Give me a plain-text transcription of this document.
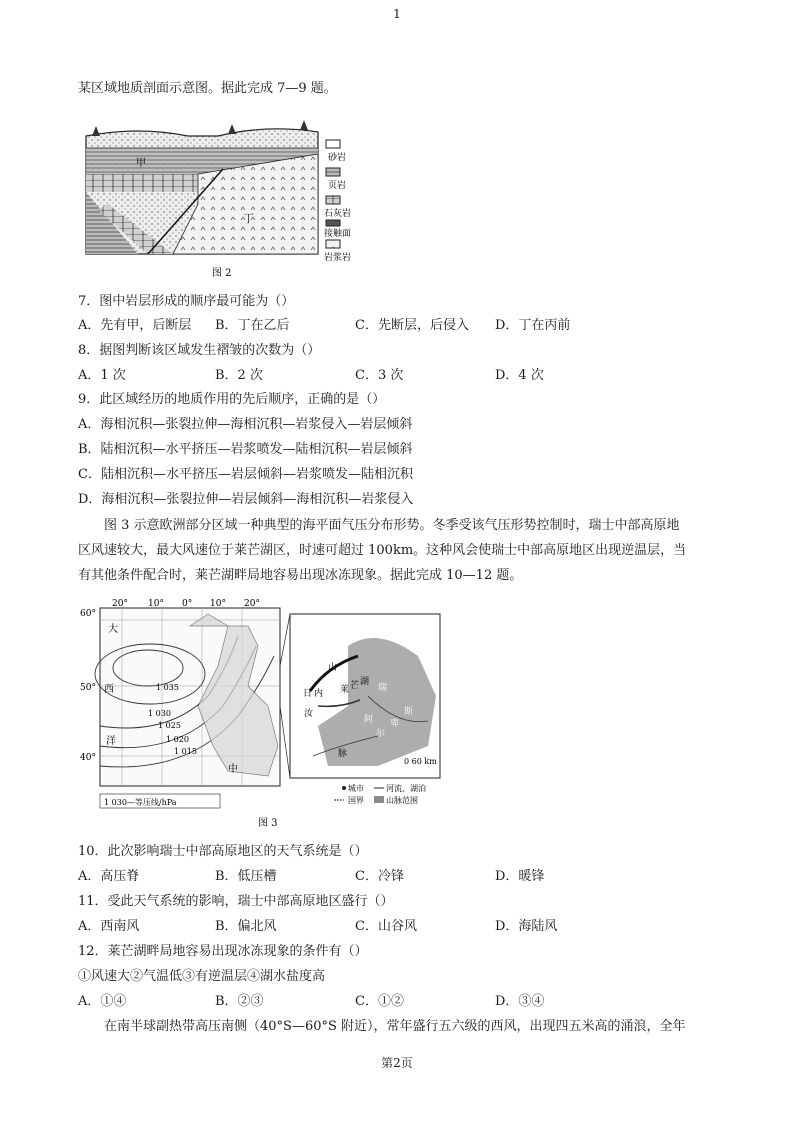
1
某区域地质剖面示意图。据此完成 7—9 题。
甲
丁
砂岩
页岩
石灰岩
接触面
岩浆岩
图 2
7．图中岩层形成的顺序最可能为（）
A．先有甲，后断层 B．丁在乙后	C．先断层，后侵入 D．丁在丙前
8．据图判断该区域发生褶皱的次数为（）
A．1 次	B．2 次	C．3 次	D．4 次
9．此区域经历的地质作用的先后顺序，正确的是（）
A．海相沉积—张裂拉伸—海相沉积—岩浆侵入—岩层倾斜
B．陆相沉积—水平挤压—岩浆喷发—陆相沉积—岩层倾斜
C．陆相沉积—水平挤压—岩层倾斜—岩浆喷发—陆相沉积
D．海相沉积—张裂拉伸—岩层倾斜—海相沉积—岩浆侵入
图 3 示意欧洲部分区域一种典型的海平面气压分布形势。冬季受该气压形势控制时，瑞士中部高原地
区风速较大，最大风速位于莱芒湖区，时速可超过 100km。这种风会使瑞士中部高原地区出现逆温层，当
有其他条件配合时，莱芒湖畔局地容易出现冰冻现象。据此完成 10—12 题。
20° 10° 0° 10° 20°
60°
50°
40°
1 035
1 030
1 025
1 020
1 015
大
西
洋
中
1 030—等压线/hPa
山
日 内
汝
莱 芒 湖
瑞
阿
尔
卑
斯
脉
0 60 km
城市	河流、湖泊
国界	山脉范围
图 3
10．此次影响瑞士中部高原地区的天气系统是（）
A．高压脊	B．低压槽	C．冷锋	D．暖锋
11．受此天气系统的影响，瑞士中部高原地区盛行（）
A．西南风	B．偏北风	C．山谷风	D．海陆风
12．莱芒湖畔局地容易出现冰冻现象的条件有（）
①风速大②气温低③有逆温层④湖水盐度高
A．①④	B．②③	C．①②	D．③④
在南半球副热带高压南侧（40°S—60°S 附近），常年盛行五六级的西风，出现四五米高的涌浪，全年
第2页
